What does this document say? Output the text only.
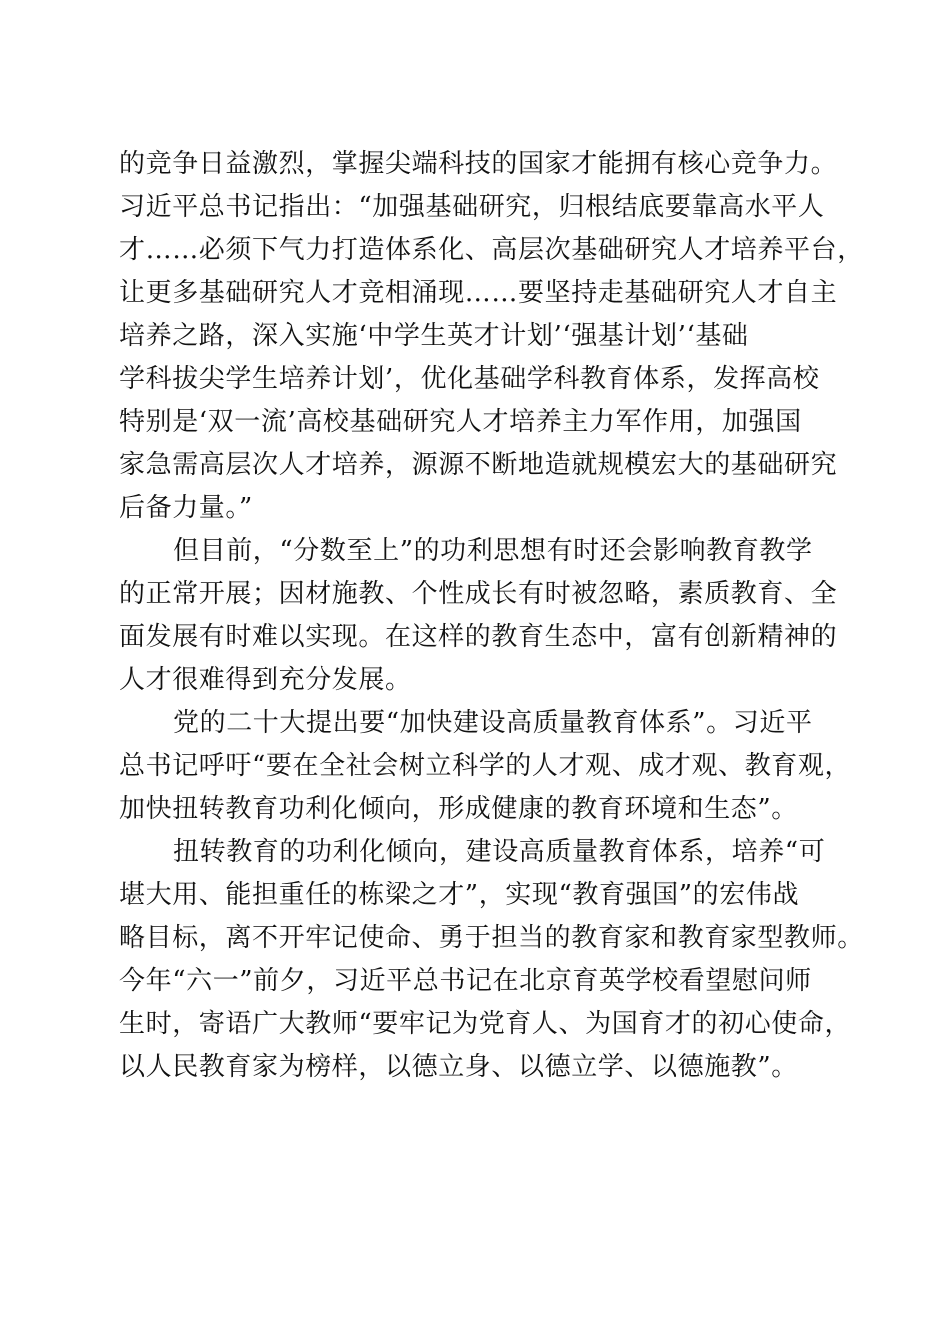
的竞争日益激烈，掌握尖端科技的国家才能拥有核心竞争力。
习近平总书记指出：“加强基础研究，归根结底要靠高水平人
才……必须下气力打造体系化、高层次基础研究人才培养平台，
让更多基础研究人才竞相涌现……要坚持走基础研究人才自主
培养之路，深入实施‘中学生英才计划’‘强基计划’‘基础
学科拔尖学生培养计划’，优化基础学科教育体系，发挥高校
特别是‘双一流’高校基础研究人才培养主力军作用，加强国
家急需高层次人才培养，源源不断地造就规模宏大的基础研究
后备力量。”
但目前，“分数至上”的功利思想有时还会影响教育教学
的正常开展；因材施教、个性成长有时被忽略，素质教育、全
面发展有时难以实现。在这样的教育生态中，富有创新精神的
人才很难得到充分发展。
党的二十大提出要“加快建设高质量教育体系”。习近平
总书记呼吁“要在全社会树立科学的人才观、成才观、教育观，
加快扭转教育功利化倾向，形成健康的教育环境和生态”。
扭转教育的功利化倾向，建设高质量教育体系，培养“可
堪大用、能担重任的栋梁之才”，实现“教育强国”的宏伟战
略目标，离不开牢记使命、勇于担当的教育家和教育家型教师。
今年“六一”前夕，习近平总书记在北京育英学校看望慰问师
生时，寄语广大教师“要牢记为党育人、为国育才的初心使命，
以人民教育家为榜样，以德立身、以德立学、以德施教”。
